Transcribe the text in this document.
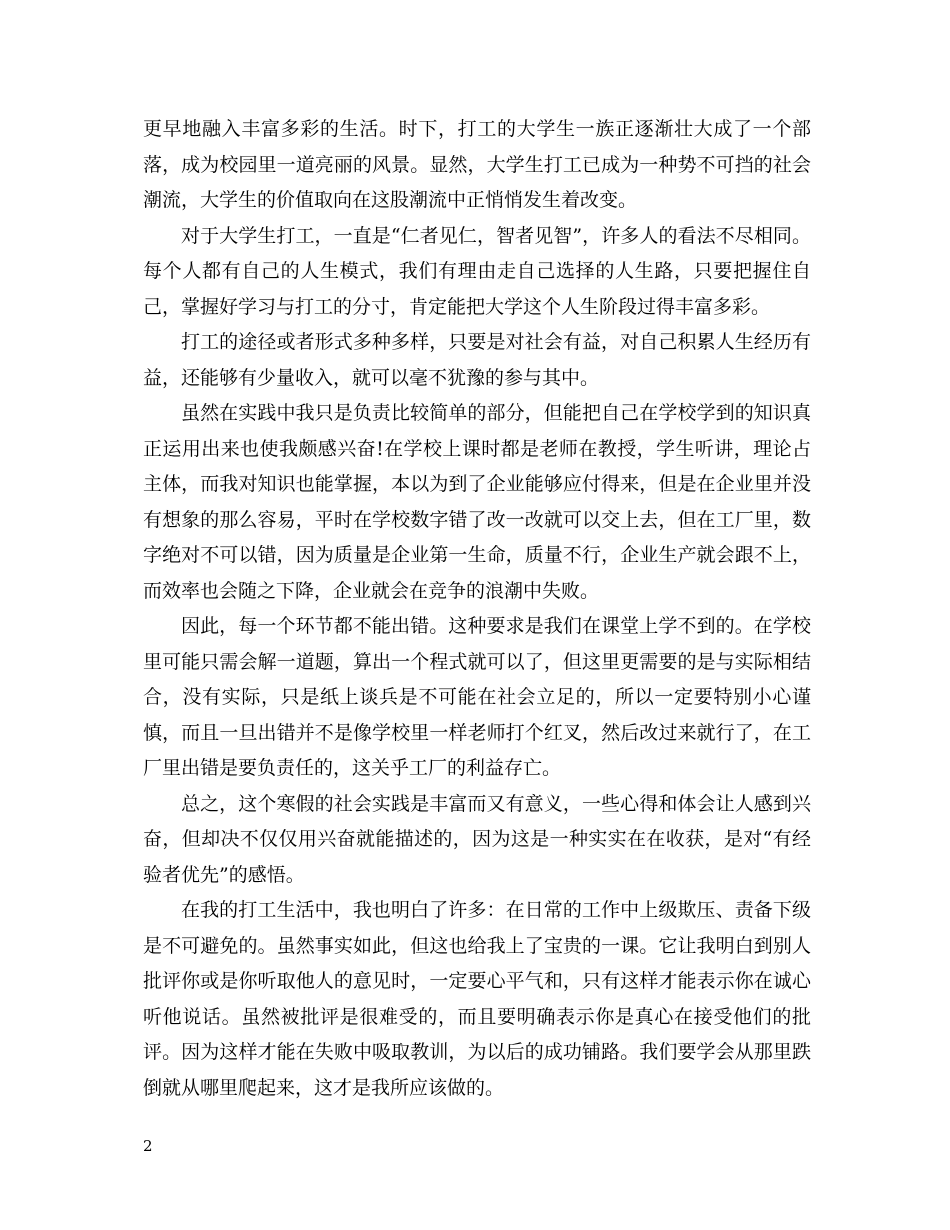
更早地融入丰富多彩的生活。时下，打工的大学生一族正逐渐壮大成了一个部落，成为校园里一道亮丽的风景。显然，大学生打工已成为一种势不可挡的社会潮流，大学生的价值取向在这股潮流中正悄悄发生着改变。

对于大学生打工，一直是“仁者见仁，智者见智”，许多人的看法不尽相同。每个人都有自己的人生模式，我们有理由走自己选择的人生路，只要把握住自己，掌握好学习与打工的分寸，肯定能把大学这个人生阶段过得丰富多彩。

打工的途径或者形式多种多样，只要是对社会有益，对自己积累人生经历有益，还能够有少量收入，就可以毫不犹豫的参与其中。

虽然在实践中我只是负责比较简单的部分，但能把自己在学校学到的知识真正运用出来也使我颇感兴奋!在学校上课时都是老师在教授，学生听讲，理论占主体，而我对知识也能掌握，本以为到了企业能够应付得来，但是在企业里并没有想象的那么容易，平时在学校数字错了改一改就可以交上去，但在工厂里，数字绝对不可以错，因为质量是企业第一生命，质量不行，企业生产就会跟不上，而效率也会随之下降，企业就会在竞争的浪潮中失败。

因此，每一个环节都不能出错。这种要求是我们在课堂上学不到的。在学校里可能只需会解一道题，算出一个程式就可以了，但这里更需要的是与实际相结合，没有实际，只是纸上谈兵是不可能在社会立足的，所以一定要特别小心谨慎，而且一旦出错并不是像学校里一样老师打个红叉，然后改过来就行了，在工厂里出错是要负责任的，这关乎工厂的利益存亡。

总之，这个寒假的社会实践是丰富而又有意义，一些心得和体会让人感到兴奋，但却决不仅仅用兴奋就能描述的，因为这是一种实实在在收获，是对“有经验者优先”的感悟。

在我的打工生活中，我也明白了许多：在日常的工作中上级欺压、责备下级是不可避免的。虽然事实如此，但这也给我上了宝贵的一课。它让我明白到别人批评你或是你听取他人的意见时，一定要心平气和，只有这样才能表示你在诚心听他说话。虽然被批评是很难受的，而且要明确表示你是真心在接受他们的批评。因为这样才能在失败中吸取教训，为以后的成功铺路。我们要学会从那里跌倒就从哪里爬起来，这才是我所应该做的。

2
